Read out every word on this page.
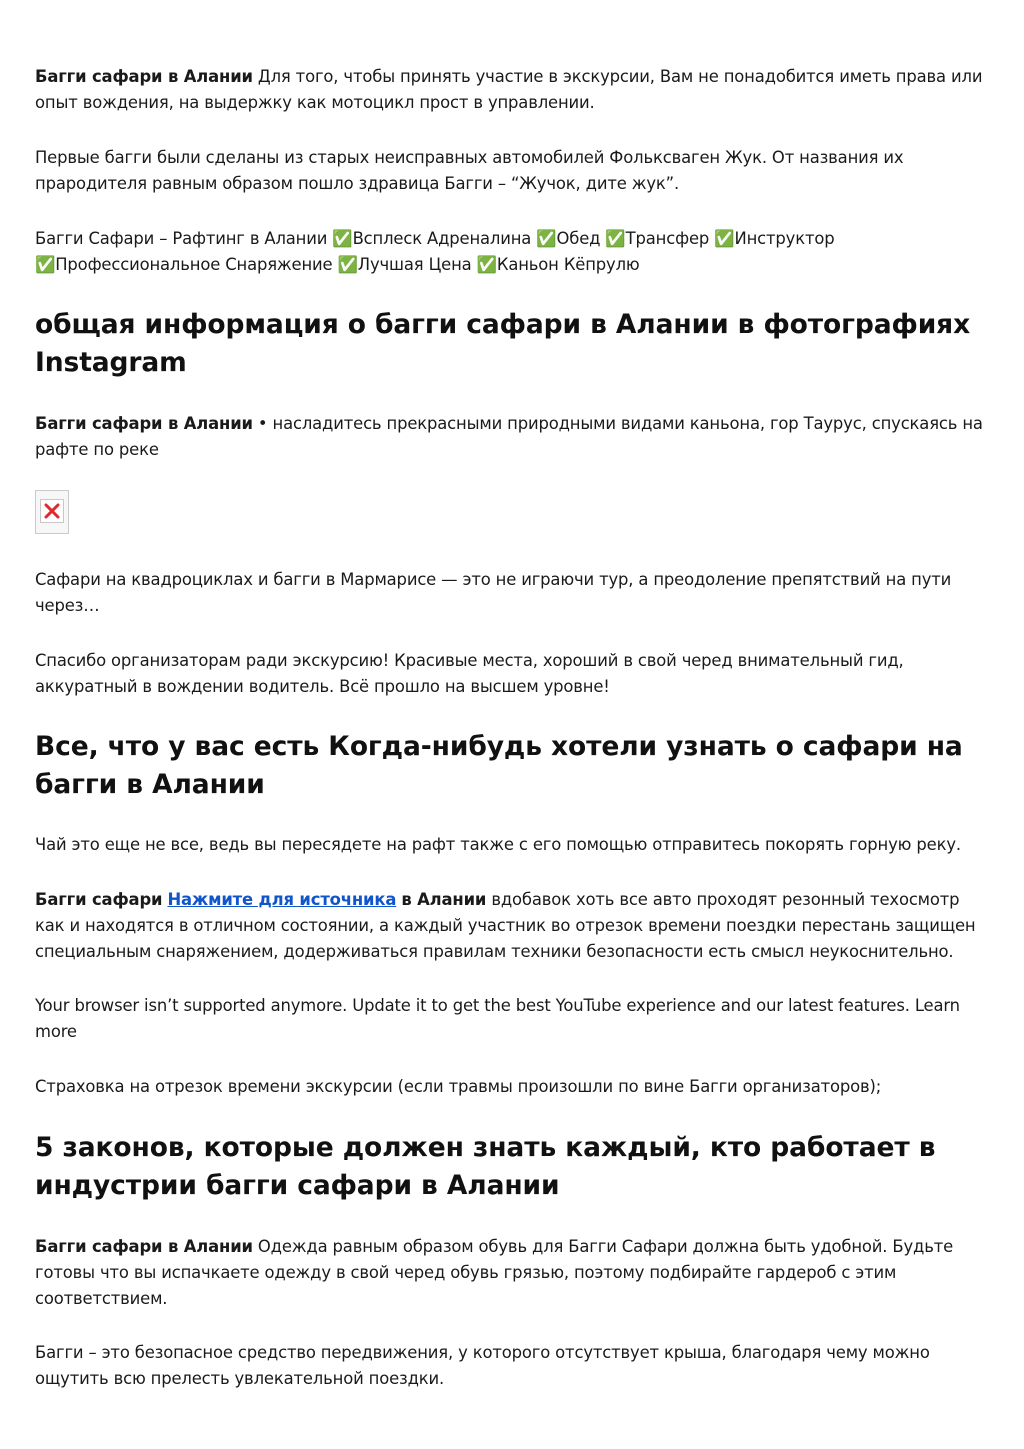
Багги сафари в Алании Для того, чтобы принять участие в экскурсии, Вам не понадобится иметь права или опыт вождения, на выдержку как мотоцикл прост в управлении.

Первые багги были сделаны из старых неисправных автомобилей Фольксваген Жук. От названия их прародителя равным образом пошло здравица Багги – “Жучок, дите жук”.

Багги Сафари – Рафтинг в Алании ✅Всплеск Адреналина ✅Обед ✅Трансфер ✅Инструктор ✅Профессиональное Снаряжение ✅Лучшая Цена ✅Каньон Кёпрулю

общая информация о багги сафари в Алании в фотографиях Instagram

Багги сафари в Алании • насладитесь прекрасными природными видами каньона, гор Таурус, спускаясь на рафте по реке

Сафари на квадроциклах и багги в Мармарисе — это не играючи тур, а преодоление препятствий на пути через…

Спасибо организаторам ради экскурсию! Красивые места, хороший в свой черед внимательный гид, аккуратный в вождении водитель. Всё прошло на высшем уровне!

Все, что у вас есть Когда-нибудь хотели узнать о сафари на багги в Алании

Чай это еще не все, ведь вы пересядете на рафт также с его помощью отправитесь покорять горную реку.

Багги сафари Нажмите для источника в Алании вдобавок хоть все авто проходят резонный техосмотр как и находятся в отличном состоянии, а каждый участник во отрезок времени поездки перестань защищен специальным снаряжением, додерживаться правилам техники безопасности есть смысл неукоснительно.

Your browser isn’t supported anymore. Update it to get the best YouTube experience and our latest features. Learn more

Страховка на отрезок времени экскурсии (если травмы произошли по вине Багги организаторов);

5 законов, которые должен знать каждый, кто работает в индустрии багги сафари в Алании

Багги сафари в Алании Одежда равным образом обувь для Багги Сафари должна быть удобной. Будьте готовы что вы испачкаете одежду в свой черед обувь грязью, поэтому подбирайте гардероб с этим соответствием.

Багги – это безопасное средство передвижения, у которого отсутствует крыша, благодаря чему можно ощутить всю прелесть увлекательной поездки.
